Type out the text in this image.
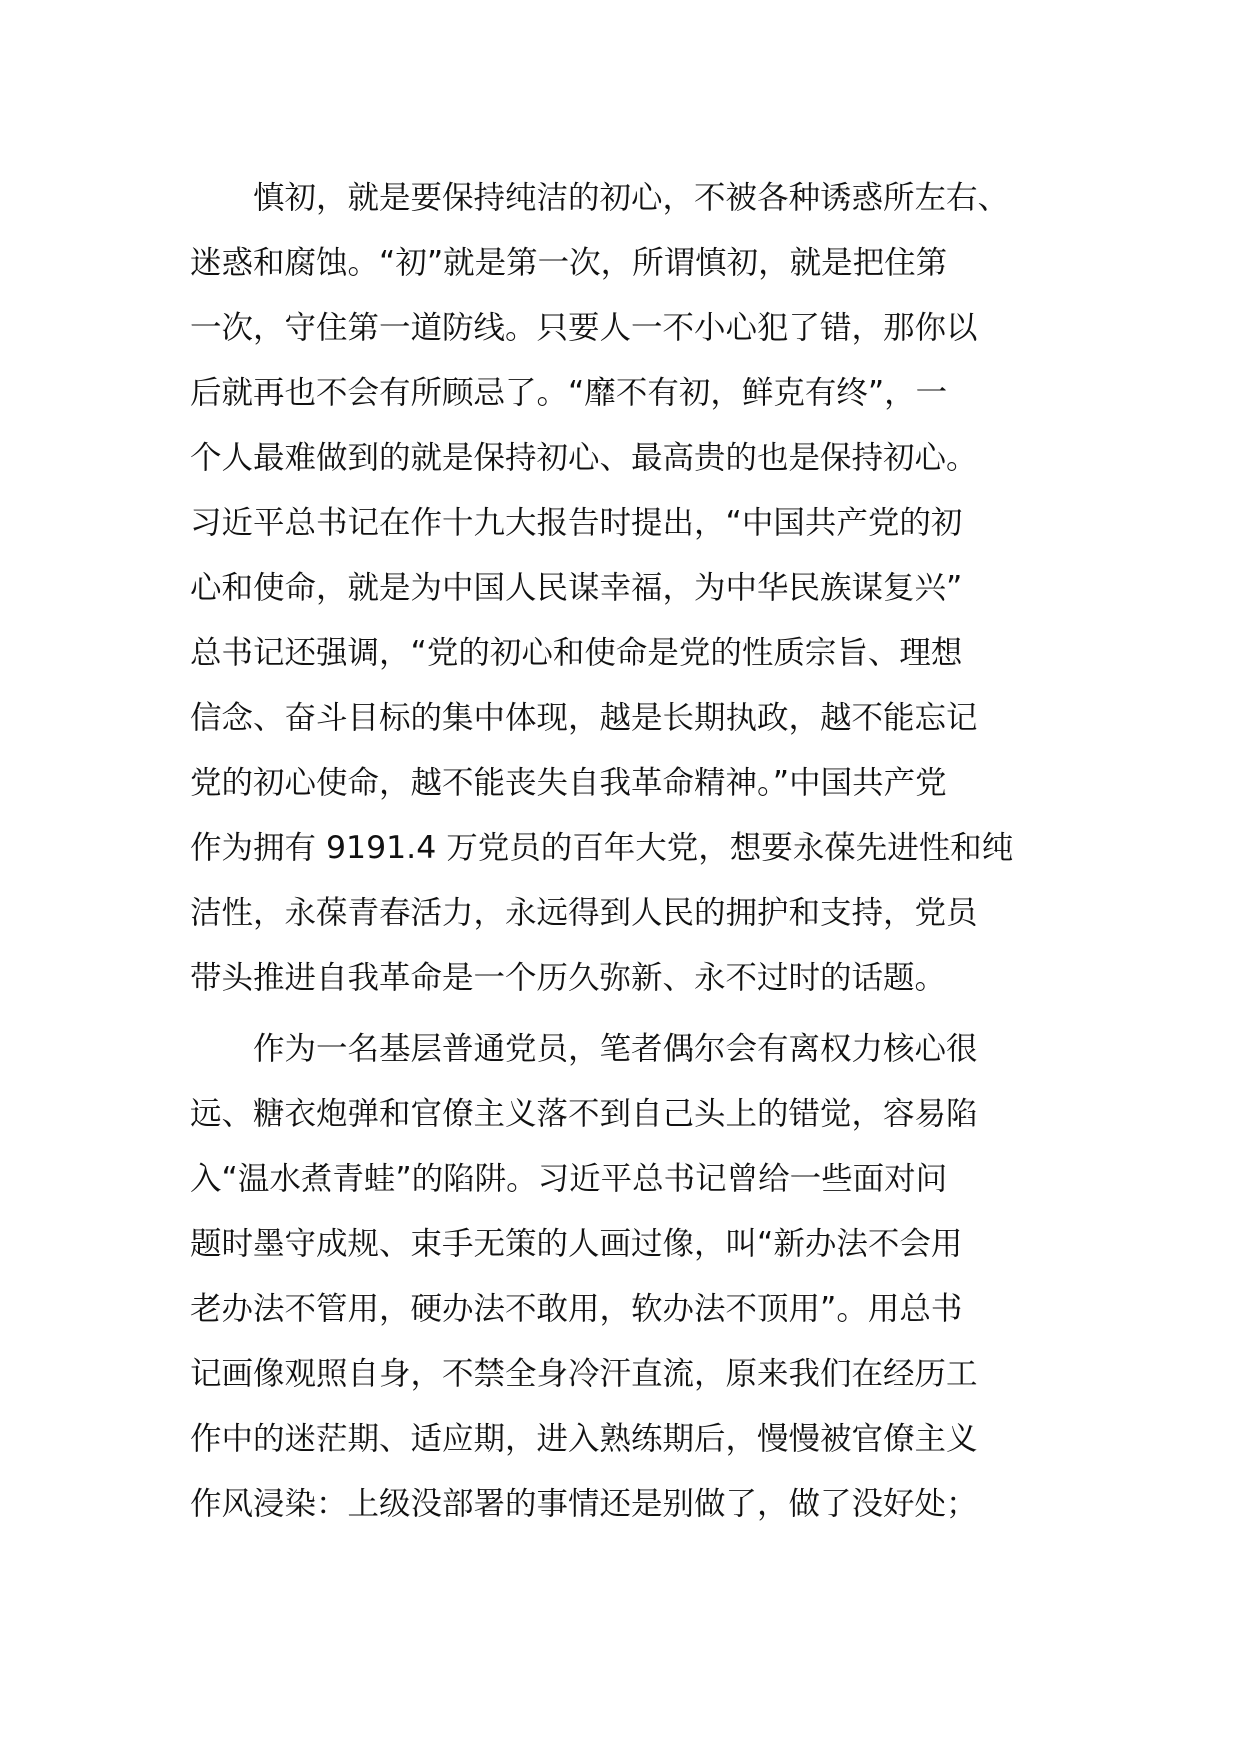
　　慎初，就是要保持纯洁的初心，不被各种诱惑所左右、
迷惑和腐蚀。“初”就是第一次，所谓慎初，就是把住第
一次，守住第一道防线。只要人一不小心犯了错，那你以
后就再也不会有所顾忌了。“靡不有初，鲜克有终”，一
个人最难做到的就是保持初心、最高贵的也是保持初心。
习近平总书记在作十九大报告时提出，“中国共产党的初
心和使命，就是为中国人民谋幸福，为中华民族谋复兴”
总书记还强调，“党的初心和使命是党的性质宗旨、理想
信念、奋斗目标的集中体现，越是长期执政，越不能忘记
党的初心使命，越不能丧失自我革命精神。”中国共产党
作为拥有 9191.4 万党员的百年大党，想要永葆先进性和纯
洁性，永葆青春活力，永远得到人民的拥护和支持，党员
带头推进自我革命是一个历久弥新、永不过时的话题。
　　作为一名基层普通党员，笔者偶尔会有离权力核心很
远、糖衣炮弹和官僚主义落不到自己头上的错觉，容易陷
入“温水煮青蛙”的陷阱。习近平总书记曾给一些面对问
题时墨守成规、束手无策的人画过像，叫“新办法不会用
老办法不管用，硬办法不敢用，软办法不顶用”。用总书
记画像观照自身，不禁全身冷汗直流，原来我们在经历工
作中的迷茫期、适应期，进入熟练期后，慢慢被官僚主义
作风浸染：上级没部署的事情还是别做了，做了没好处；
